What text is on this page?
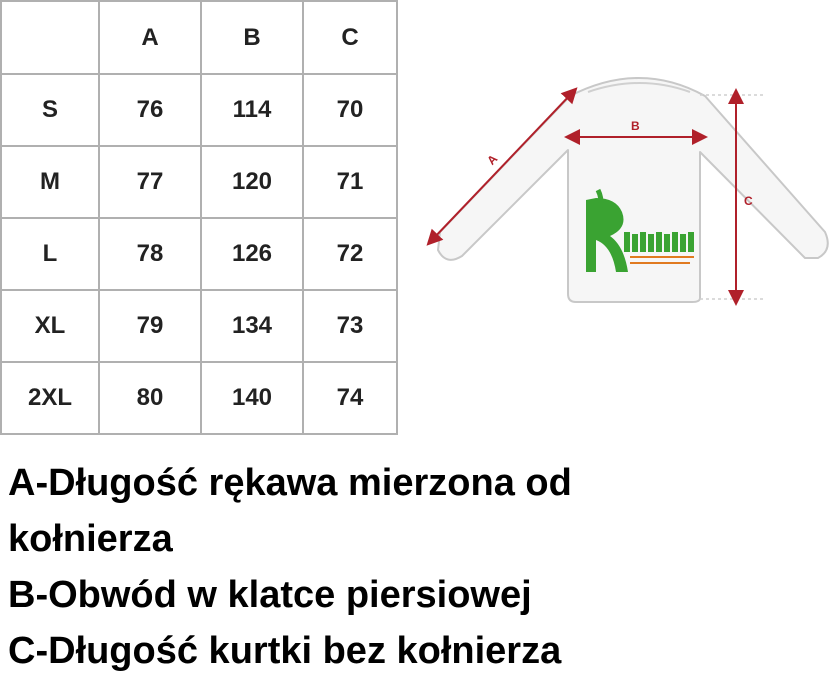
	A	B	C
S	76	114	70
M	77	120	71
L	78	126	72
XL	79	134	73
2XL	80	140	74
A
B
C
A-Długość rękawa mierzona od
kołnierza
B-Obwód w klatce piersiowej
C-Długość kurtki bez kołnierza
